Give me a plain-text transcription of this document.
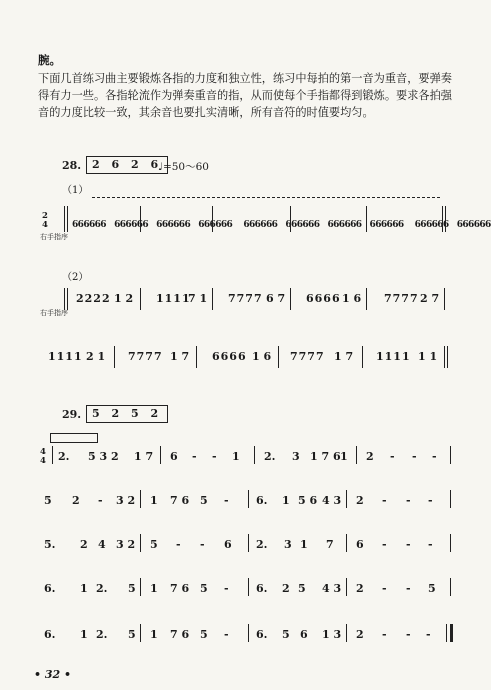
腕。
下面几首练习曲主要锻炼各指的力度和独立性，练习中每拍的第一音为重音，要弹奏得有力一些。各指轮流作为弹奏重音的指，从而使每个手指都得到锻炼。要求各拍强音的力度比较一致，其余音也要扎实清晰，所有音符的时值要均匀。
28. 2 6 2 6
♩=50～60
（1）
2
4
右手指序
666666 666666 666666 666666 666666 666666 666666 666666 666666 666666
（2）
右手指序
2222 1 2 1111
7 1 7777 6 7 6666 1 6 7777 2 7
1111 2 1 7777 1 7 6666 1 6 7777 1 7 1111 1 1
29. 5 2 5 2
4
4 2. 5 3 2 1 7 6 - - 1 2. 3 1 7 6 1 2 - - -
5 2 - 3 2 1 7 6 5 - 6. 1 5 6 4 3 2 - - -
5. 2 4 3 2 5 - - 6 2. 3 1 7 6 - - -
6. 1 2. 5 1 7 6 5 - 6. 2 5 4 3 2 - - 5
6. 1 2. 5 1 7 6 5 - 6. 5 6 1 3 2 - - -
• 32 •
